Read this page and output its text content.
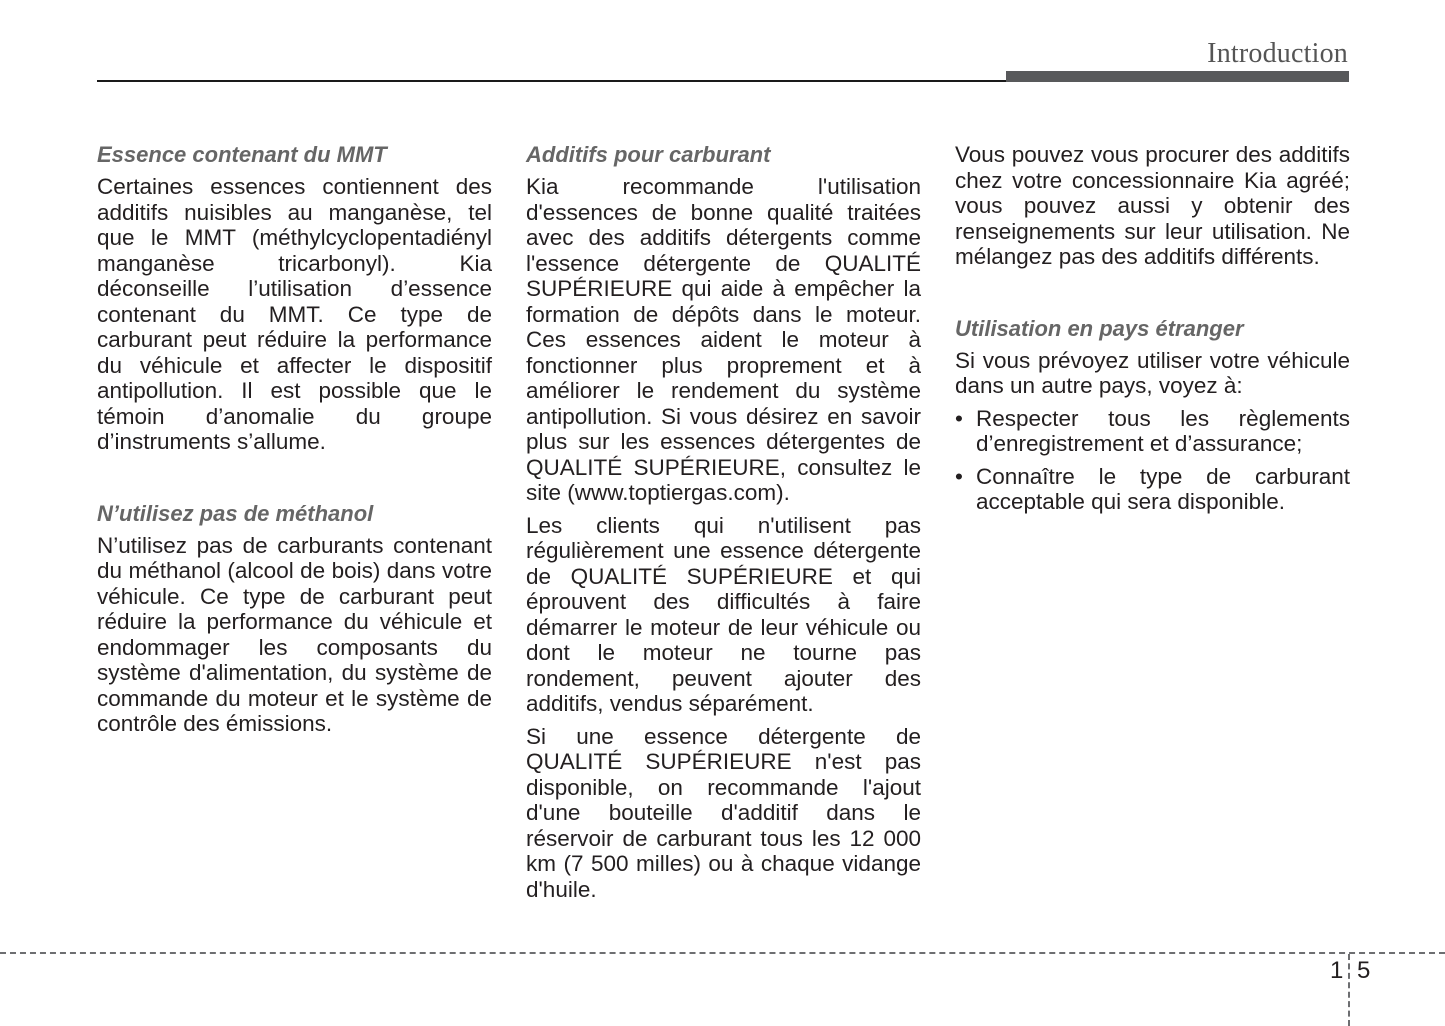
Introduction
Essence contenant du MMT

Certaines essences contiennent des additifs nuisibles au manganèse, tel que le MMT (méthylcyclopentadiényl manganèse tricarbonyl). Kia déconseille l’utilisation d’essence contenant du MMT. Ce type de carburant peut réduire la performance du véhicule et affecter le dispositif antipollution. Il est possible que le témoin d’anomalie du groupe d’instruments s’allume.

N’utilisez pas de méthanol

N’utilisez pas de carburants contenant du méthanol (alcool de bois) dans votre véhicule. Ce type de carburant peut réduire la performance du véhicule et endommager les composants du système d'alimentation, du système de commande du moteur et le système de contrôle des émissions.

Additifs pour carburant

Kia recommande l'utilisation d'essences de bonne qualité traitées avec des additifs détergents comme l'essence détergente de QUALITÉ SUPÉRIEURE qui aide à empêcher la formation de dépôts dans le moteur. Ces essences aident le moteur à fonctionner plus proprement et à améliorer le rendement du système antipollution. Si vous désirez en savoir plus sur les essences détergentes de QUALITÉ SUPÉRIEURE, consultez le site (www.toptiergas.com).

Les clients qui n'utilisent pas régulièrement une essence détergente de QUALITÉ SUPÉRIEURE et qui éprouvent des difficultés à faire démarrer le moteur de leur véhicule ou dont le moteur ne tourne pas rondement, peuvent ajouter des additifs, vendus séparément.

Si une essence détergente de QUALITÉ SUPÉRIEURE n'est pas disponible, on recommande l'ajout d'une bouteille d'additif dans le réservoir de carburant tous les 12 000 km (7 500 milles) ou à chaque vidange d'huile.

Vous pouvez vous procurer des additifs chez votre concessionnaire Kia agréé; vous pouvez aussi y obtenir des renseignements sur leur utilisation. Ne mélangez pas des additifs différents.

Utilisation en pays étranger

Si vous prévoyez utiliser votre véhicule dans un autre pays, voyez à:

• Respecter tous les règlements d’enregistrement et d’assurance;
• Connaître le type de carburant acceptable qui sera disponible.
1 5
